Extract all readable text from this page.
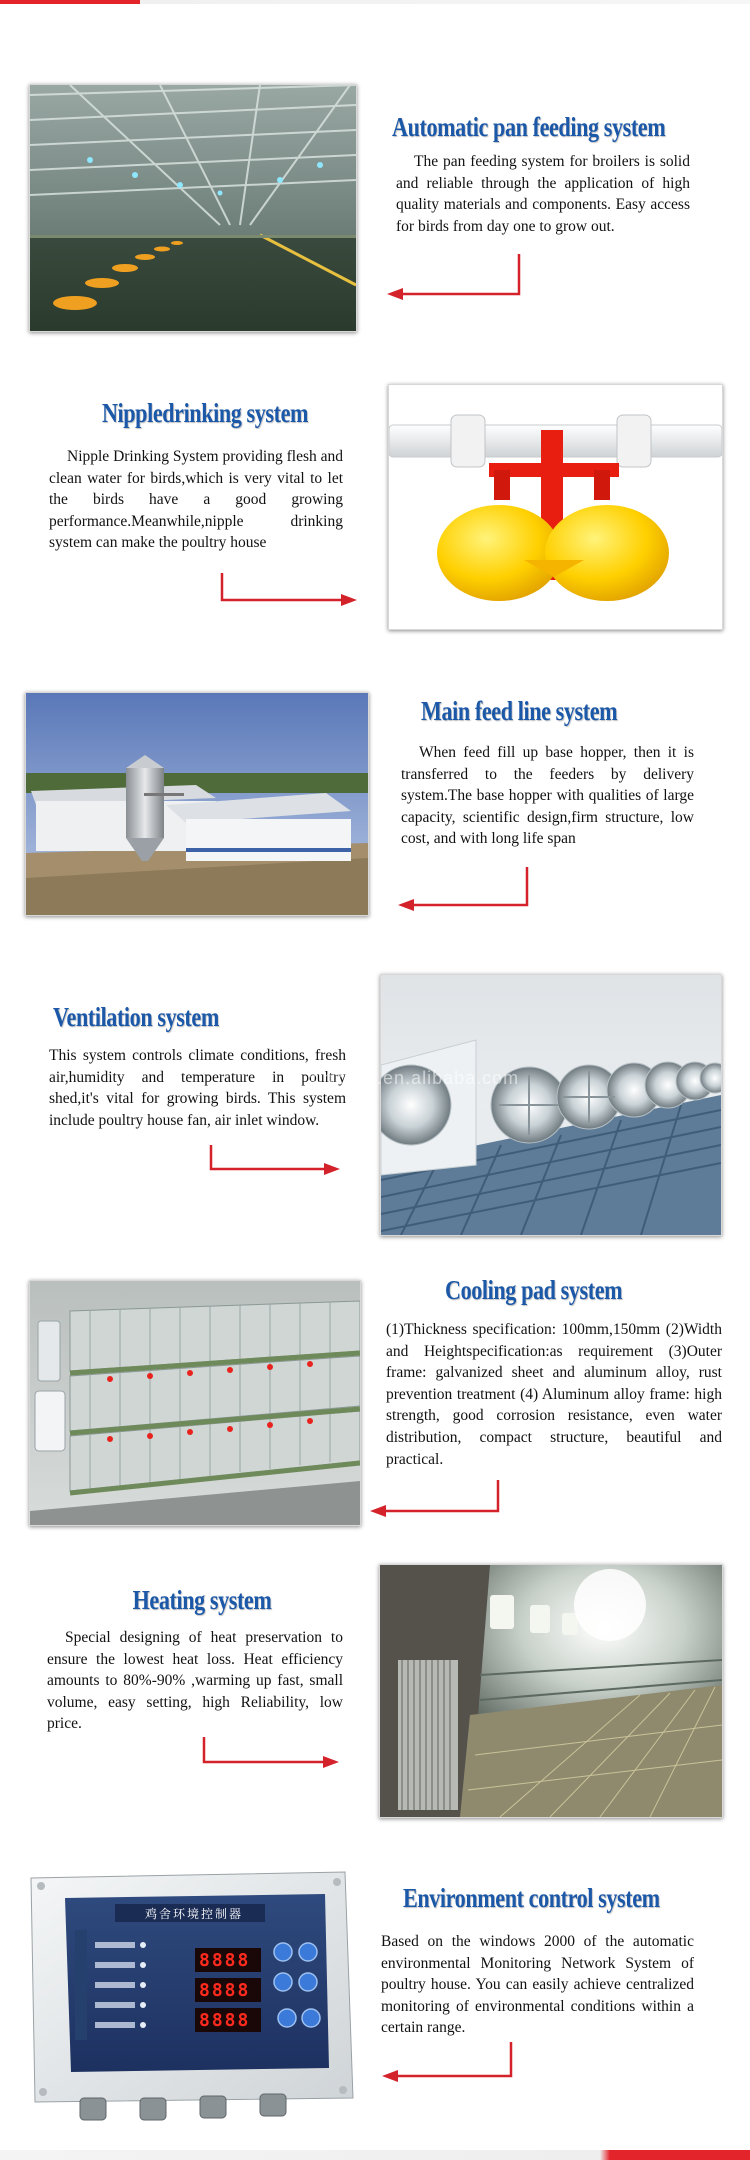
Automatic pan feeding system

The pan feeding system for broilers is solid and reliable through the application of high quality materials and components. Easy access for birds from day one to grow out.

Nippledrinking system

Nipple Drinking System providing flesh and clean water for birds,which is very vital to let the birds have a good growing performance.Meanwhile,nipple drinking system can make the poultry house

Main feed line system

When feed fill up base hopper, then it is transferred to the feeders by delivery system.The base hopper with qualities of large capacity, scientific design,firm structure, low cost, and with long life span

Ventilation system

This system controls climate conditions, fresh air,humidity and temperature in poultry shed,it's vital for growing birds. This system include poultry house fan, air inlet window.

xinzhen.en.alibaba.com
Cooling pad system

(1)Thickness specification: 100mm,150mm (2)Width and Heightspecification:as requirement (3)Outer frame: galvanized sheet and aluminum alloy, rust prevention treatment (4) Aluminum alloy frame: high strength, good corrosion resistance, even water distribution, compact structure, beautiful and practical.

Heating system

Special designing of heat preservation to ensure the lowest heat loss. Heat efficiency amounts to 80%-90% ,warming up fast, small volume, easy setting, high Reliability, low price.

鸡舍环境控制器
8888
8888
8888
Environment control system

Based on the windows 2000 of the automatic environmental Monitoring Network System of poultry house. You can easily achieve centralized monitoring of environmental conditions within a certain range.
